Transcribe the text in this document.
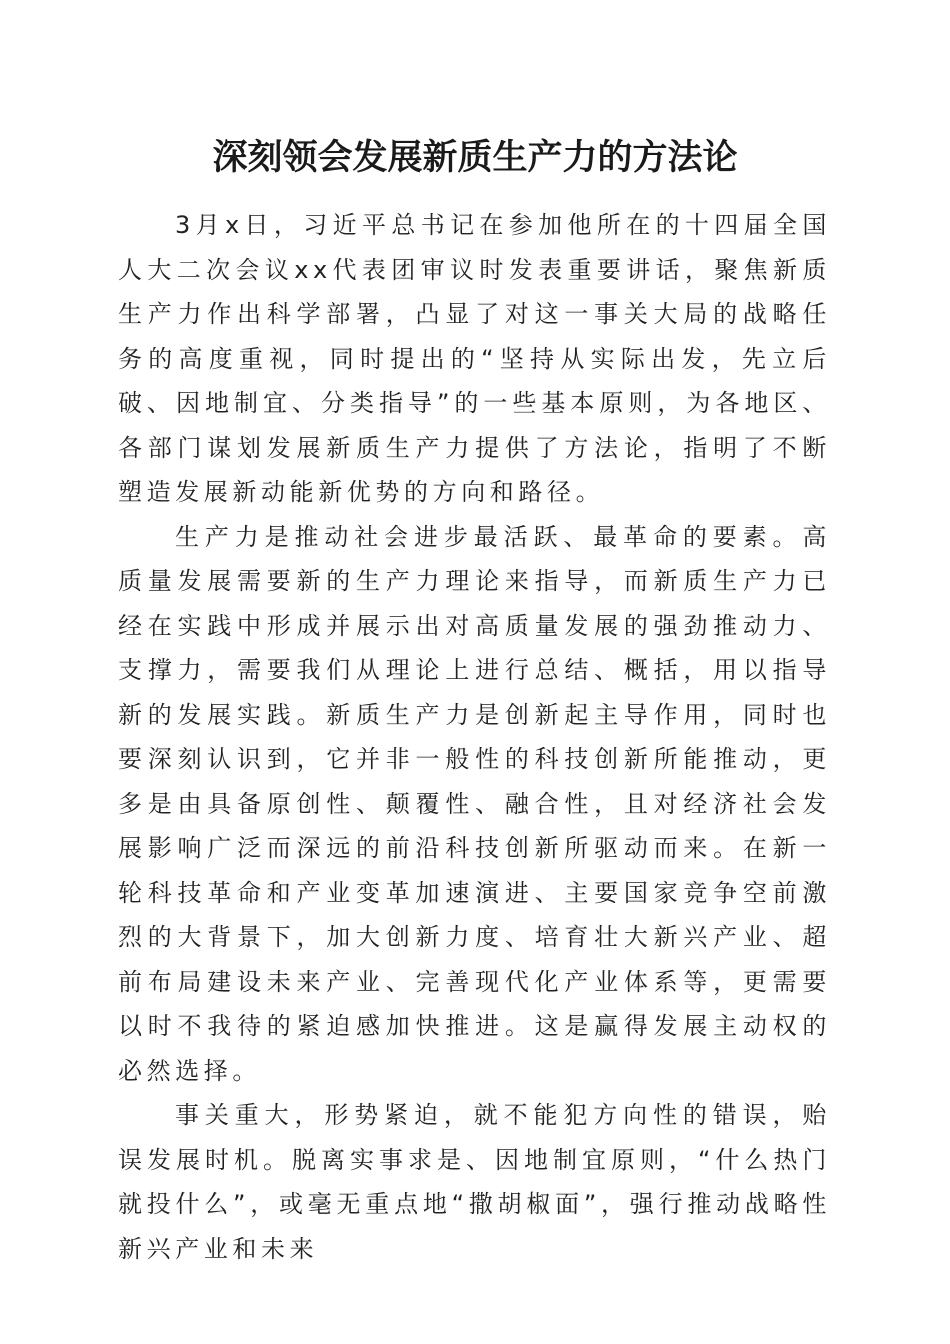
深刻领会发展新质生产力的方法论

3月x日，习近平总书记在参加他所在的十四届全国人大二次会议xx代表团审议时发表重要讲话，聚焦新质生产力作出科学部署，凸显了对这一事关大局的战略任务的高度重视，同时提出的“坚持从实际出发，先立后破、因地制宜、分类指导”的一些基本原则，为各地区、各部门谋划发展新质生产力提供了方法论，指明了不断塑造发展新动能新优势的方向和路径。

生产力是推动社会进步最活跃、最革命的要素。高质量发展需要新的生产力理论来指导，而新质生产力已经在实践中形成并展示出对高质量发展的强劲推动力、支撑力，需要我们从理论上进行总结、概括，用以指导新的发展实践。新质生产力是创新起主导作用，同时也要深刻认识到，它并非一般性的科技创新所能推动，更多是由具备原创性、颠覆性、融合性，且对经济社会发展影响广泛而深远的前沿科技创新所驱动而来。在新一轮科技革命和产业变革加速演进、主要国家竞争空前激烈的大背景下，加大创新力度、培育壮大新兴产业、超前布局建设未来产业、完善现代化产业体系等，更需要以时不我待的紧迫感加快推进。这是赢得发展主动权的必然选择。

事关重大，形势紧迫，就不能犯方向性的错误，贻误发展时机。脱离实事求是、因地制宜原则，“什么热门就投什么”，或毫无重点地“撒胡椒面”，强行推动战略性新兴产业和未来
